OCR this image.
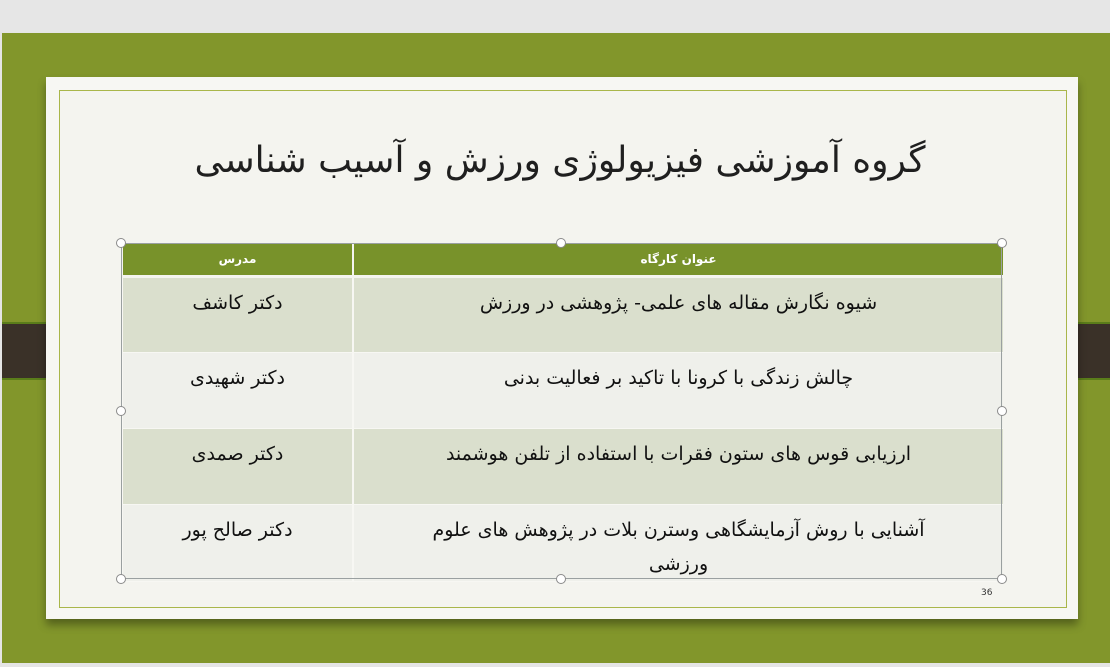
گروه آموزشی فیزیولوژی ورزش و آسیب شناسی
عنوان کارگاه	مدرس
شیوه نگارش مقاله های علمی- پژوهشی در ورزش	دکتر کاشف
چالش زندگی با کرونا با تاکید بر فعالیت بدنی	دکتر شهیدی
ارزیابی قوس های ستون فقرات با استفاده از تلفن هوشمند	دکتر صمدی
آشنایی با روش آزمایشگاهی وسترن بلات در پژوهش های علوم ورزشی	دکتر صالح پور
36
